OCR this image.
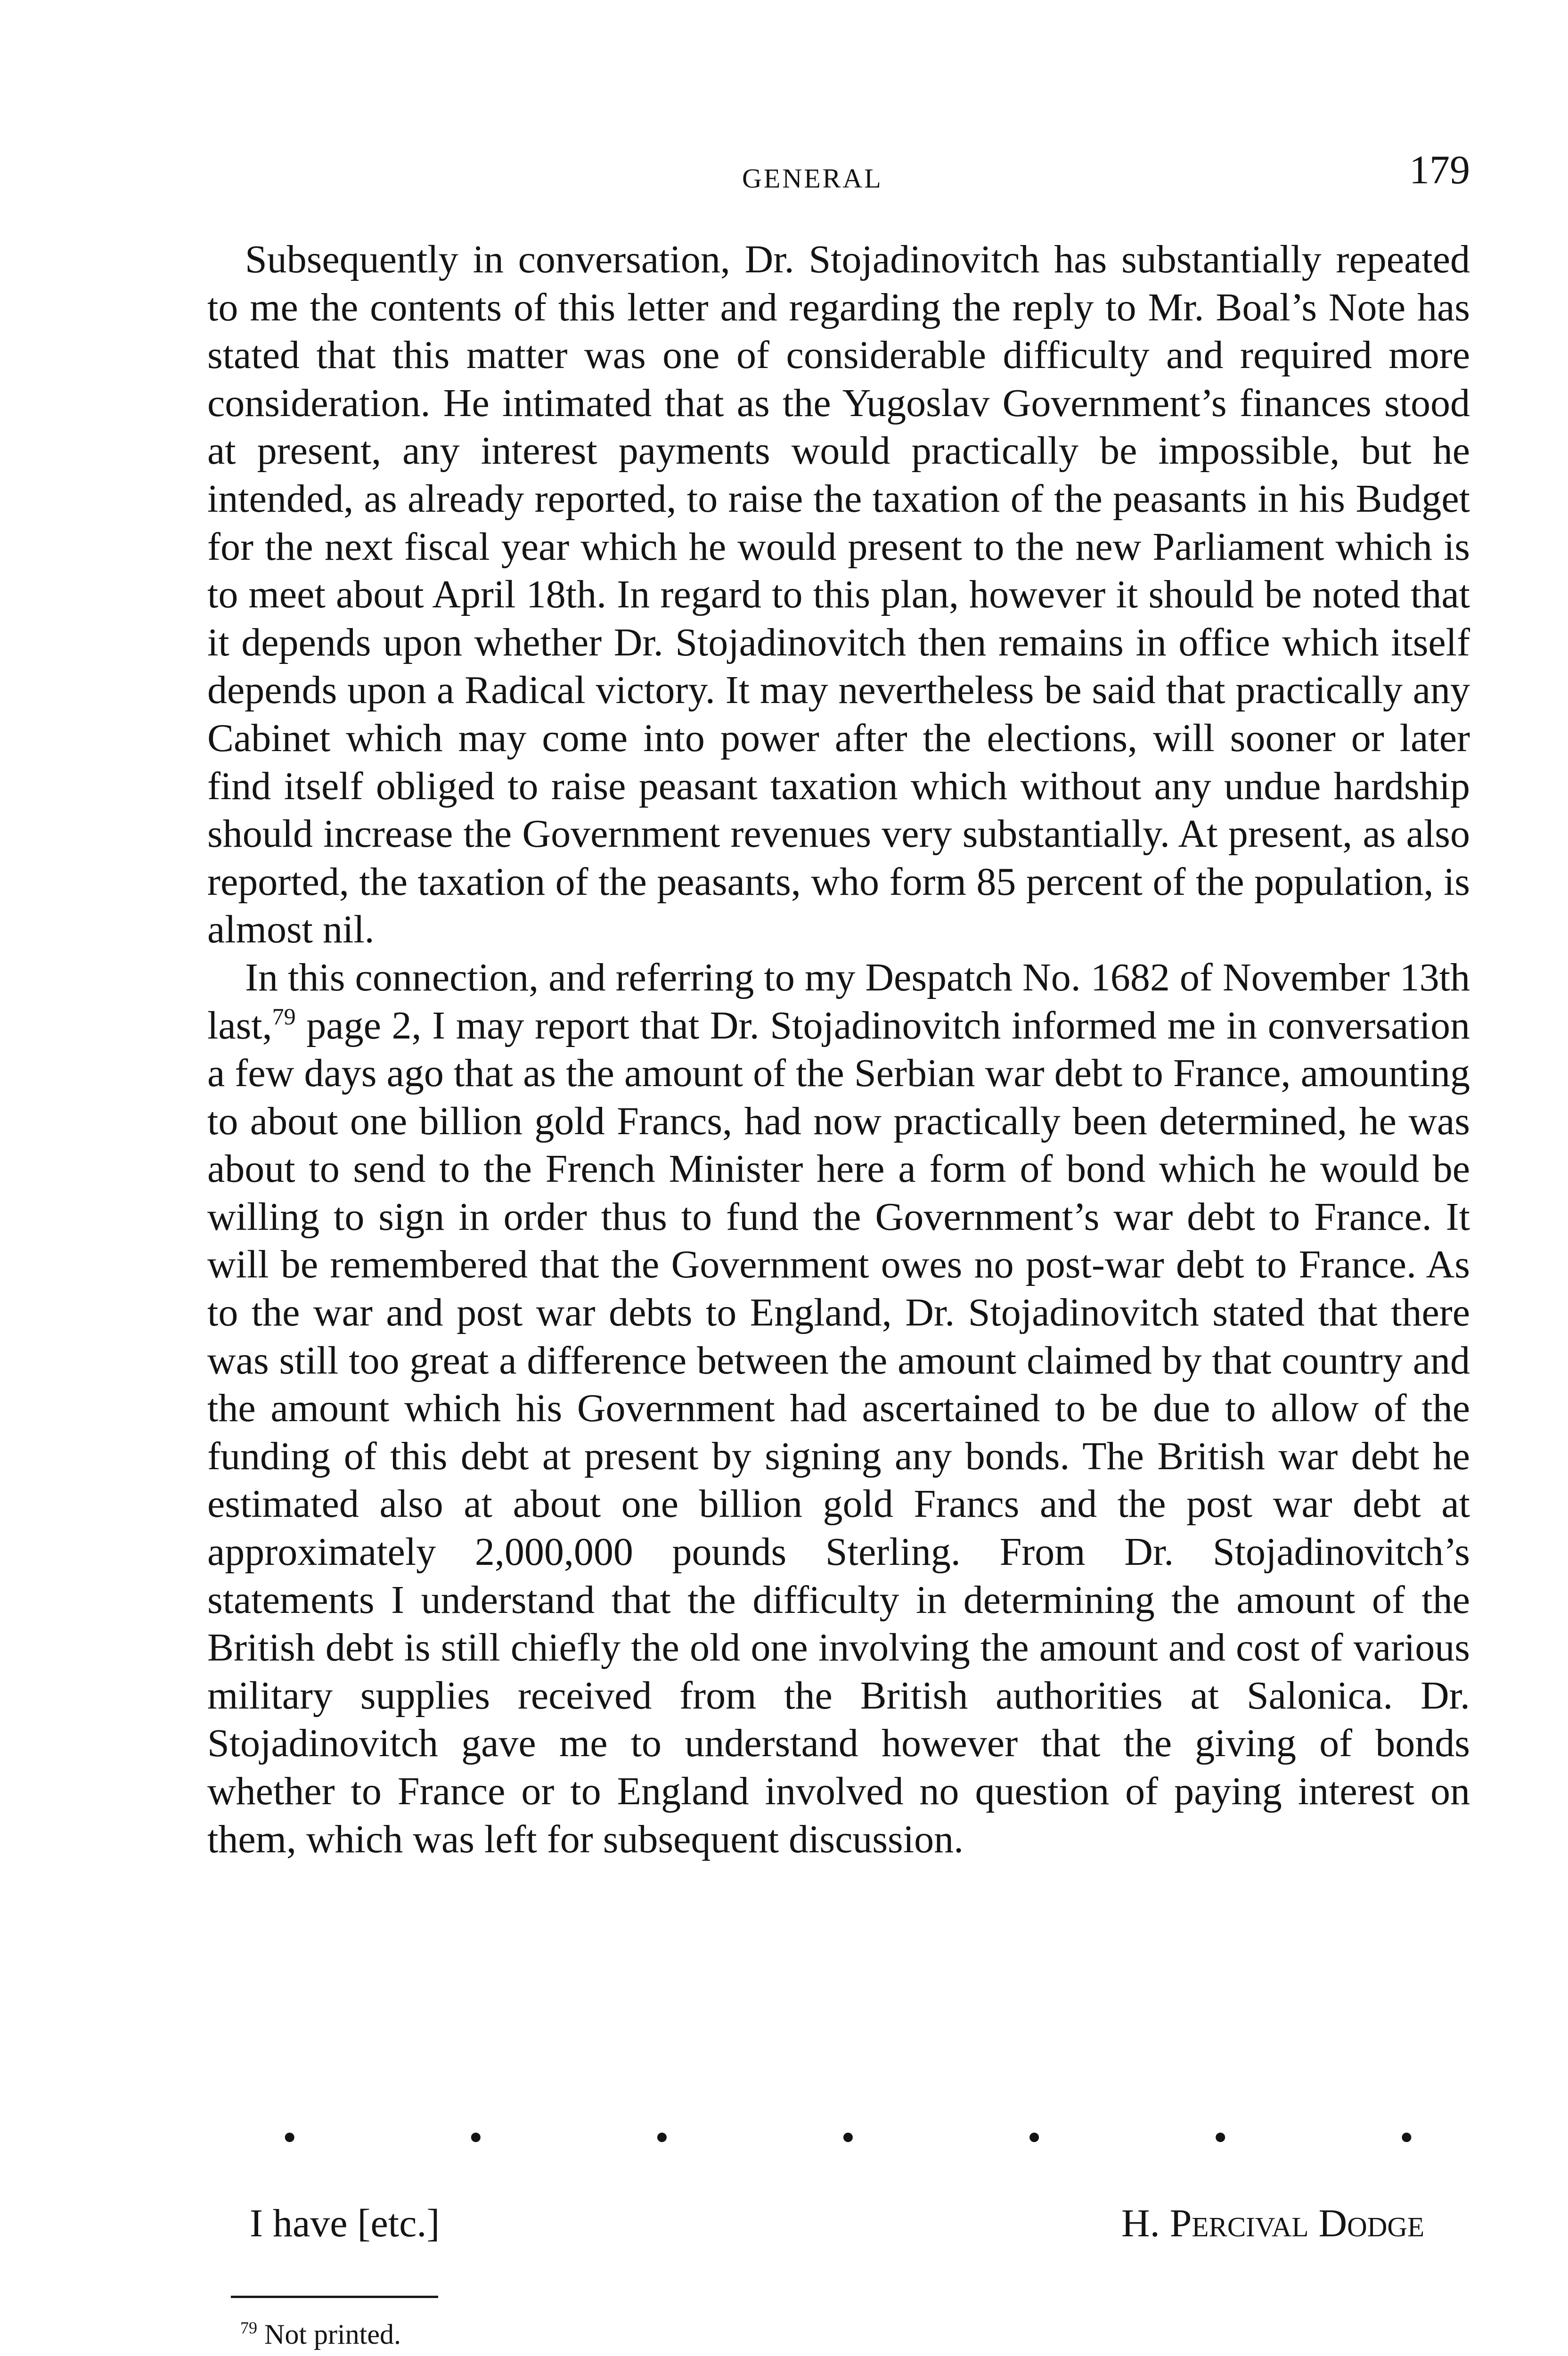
GENERAL	179

Subsequently in conversation, Dr. Stojadinovitch has substantially repeated to me the contents of this letter and regarding the reply to Mr. Boal’s Note has stated that this matter was one of considerable difficulty and required more consideration. He intimated that as the Yugoslav Government’s finances stood at present, any interest payments would practically be impossible, but he intended, as already reported, to raise the taxation of the peasants in his Budget for the next fiscal year which he would present to the new Parliament which is to meet about April 18th. In regard to this plan, however it should be noted that it depends upon whether Dr. Stojadinovitch then remains in office which itself depends upon a Radical victory. It may nevertheless be said that practically any Cabinet which may come into power after the elections, will sooner or later find itself obliged to raise peasant taxation which without any undue hardship should increase the Government revenues very substantially. At present, as also reported, the taxation of the peasants, who form 85 percent of the population, is almost nil.

In this connection, and referring to my Despatch No. 1682 of November 13th last,$^{79}$ page 2, I may report that Dr. Stojadinovitch informed me in conversation a few days ago that as the amount of the Serbian war debt to France, amounting to about one billion gold Francs, had now practically been determined, he was about to send to the French Minister here a form of bond which he would be willing to sign in order thus to fund the Government’s war debt to France. It will be remembered that the Government owes no post-war debt to France. As to the war and post war debts to England, Dr. Stojadinovitch stated that there was still too great a difference between the amount claimed by that country and the amount which his Government had ascertained to be due to allow of the funding of this debt at present by signing any bonds. The British war debt he estimated also at about one billion gold Francs and the post war debt at approximately 2,000,000 pounds Sterling. From Dr. Stojadinovitch’s statements I understand that the difficulty in determining the amount of the British debt is still chiefly the old one involving the amount and cost of various military supplies received from the British authorities at Salonica. Dr. Stojadinovitch gave me to understand however that the giving of bonds whether to France or to England involved no question of paying interest on them, which was left for subsequent discussion.

•	•	•	•	•	•	•
I have [etc.]	H. Percival Dodge
$^{79}$ Not printed.
